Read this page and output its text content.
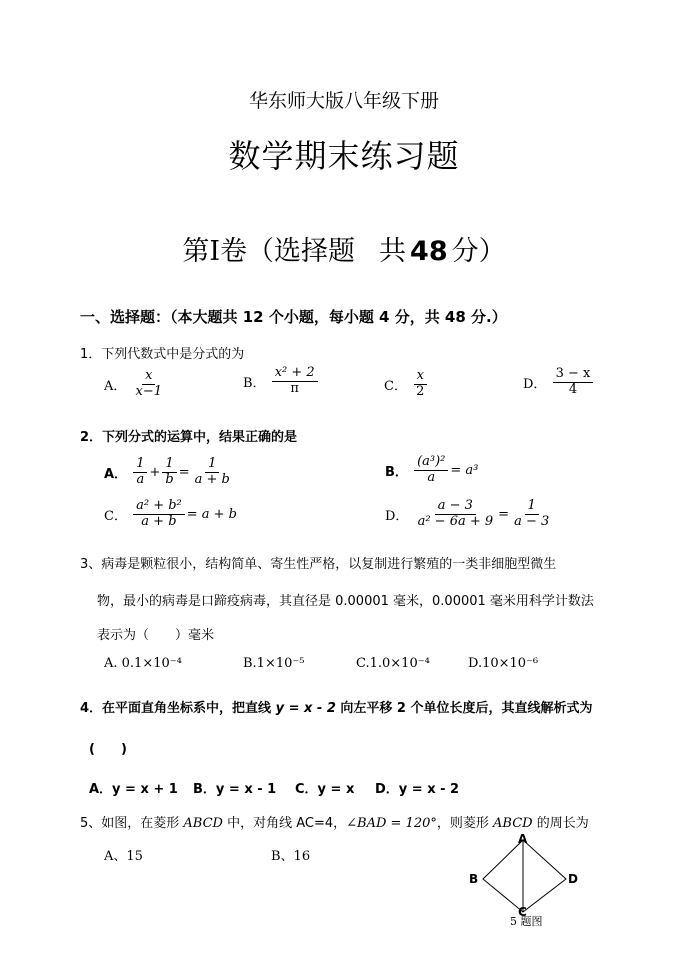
华东师大版八年级下册
数学期末练习题
第Ⅰ卷（选择题 共 48 分）
一、选择题：（本大题共 12 个小题，每小题 4 分，共 48 分.）
1．下列代数式中是分式的为
A． $\frac{x}{x-1}$	B． $\frac{\text{x² + 2}}{\pi}$	C． $\frac{x}{2}$	D． $\frac{3 - x}{4}$
2．下列分式的运算中，结果正确的是
A． $\frac{1}{a} + \frac{1}{b} = \frac{1}{a + b}$	B． $\frac{\text{(a³)²}}{a} = a^3$
C． $\frac{\text{a² + b²}}{a + b} = a + b$	D． $\frac{a - 3}{\text{a² − 6a + 9}} = \frac{1}{a - 3}$
3、病毒是颗粒很小，结构简单、寄生性严格，以复制进行繁殖的一类非细胞型微生
物，最小的病毒是口蹄疫病毒，其直径是 0.00001 毫米，0.00001 毫米用科学计数法
表示为（　　）毫米
A. 0.1×10⁻⁴	B.1×10⁻⁵	C.1.0×10⁻⁴	D.10×10⁻⁶
4．在平面直角坐标系中，把直线 y = x - 2 向左平移 2 个单位长度后，其直线解析式为
(　　)
A．y = x + 1 B．y = x - 1 C．y = x D．y = x - 2
5、如图，在菱形 ABCD 中，对角线 AC=4，∠BAD = 120°，则菱形 ABCD 的周长为
A、15	B、16
A
B
C
D
5 题图
